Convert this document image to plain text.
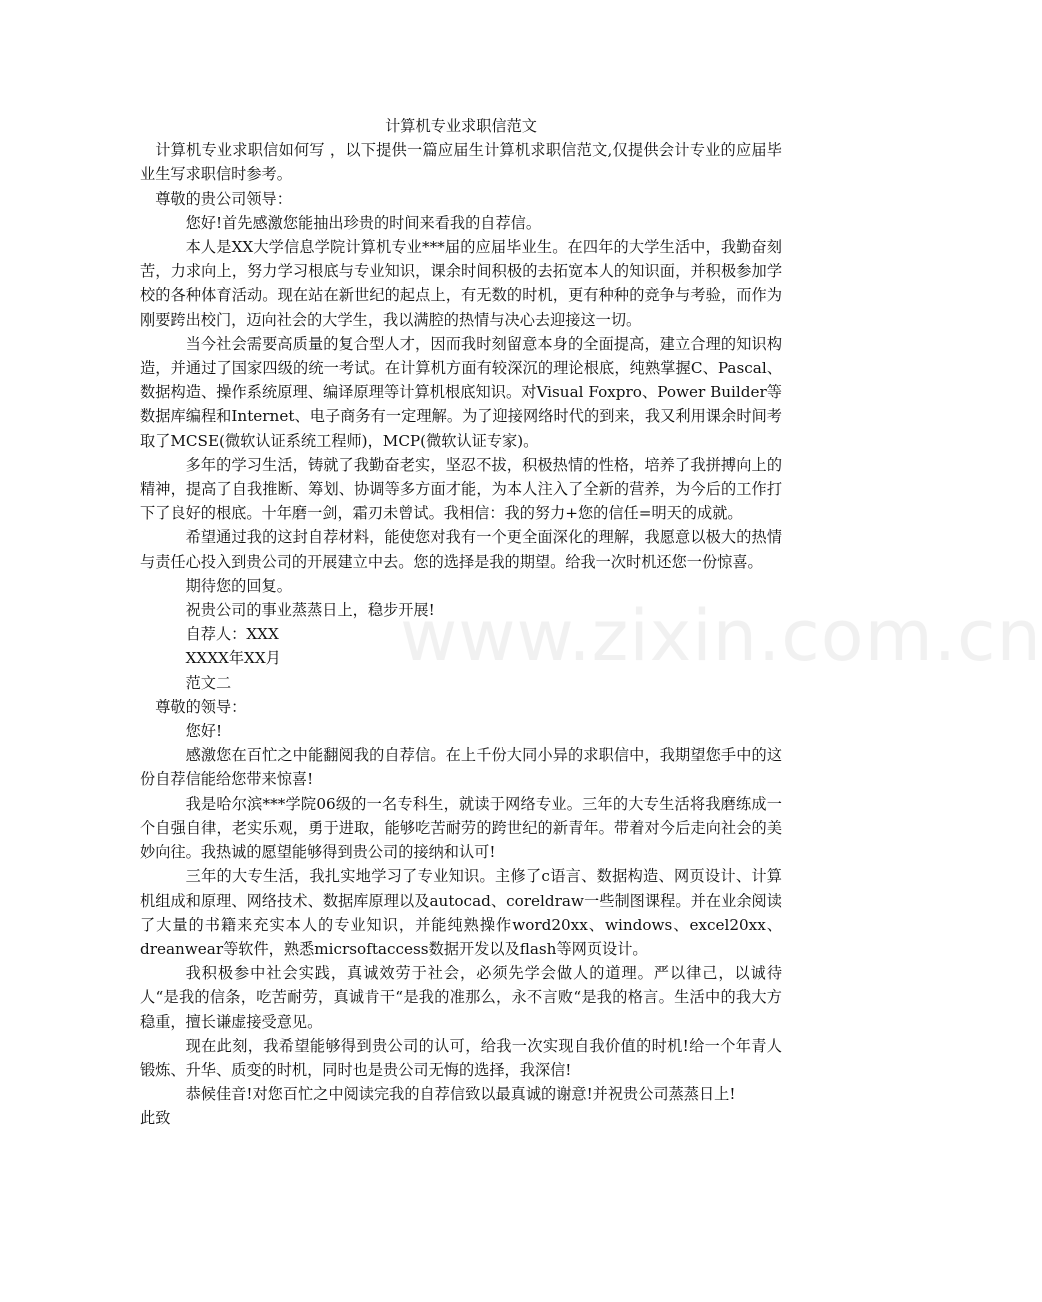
计算机专业求职信范文

计算机专业求职信如何写 ，以下提供一篇应届生计算机求职信范文,仅提供会计专业的应届毕业生写求职信时参考。

尊敬的贵公司领导：

您好!首先感激您能抽出珍贵的时间来看我的自荐信。

本人是XX大学信息学院计算机专业***届的应届毕业生。在四年的大学生活中，我勤奋刻苦，力求向上，努力学习根底与专业知识，课余时间积极的去拓宽本人的知识面，并积极参加学校的各种体育活动。现在站在新世纪的起点上，有无数的时机，更有种种的竞争与考验，而作为刚要跨出校门，迈向社会的大学生，我以满腔的热情与决心去迎接这一切。

当今社会需要高质量的复合型人才，因而我时刻留意本身的全面提高，建立合理的知识构造，并通过了国家四级的统一考试。在计算机方面有较深沉的理论根底，纯熟掌握C、Pascal、数据构造、操作系统原理、编译原理等计算机根底知识。对Visual Foxpro、Power Builder等数据库编程和Internet、电子商务有一定理解。为了迎接网络时代的到来，我又利用课余时间考取了MCSE(微软认证系统工程师)，MCP(微软认证专家)。

多年的学习生活，铸就了我勤奋老实，坚忍不拔，积极热情的性格，培养了我拼搏向上的精神，提高了自我推断、筹划、协调等多方面才能，为本人注入了全新的营养，为今后的工作打下了良好的根底。十年磨一剑，霜刃未曾试。我相信：我的努力+您的信任=明天的成就。

希望通过我的这封自荐材料，能使您对我有一个更全面深化的理解，我愿意以极大的热情与责任心投入到贵公司的开展建立中去。您的选择是我的期望。给我一次时机还您一份惊喜。

期待您的回复。

祝贵公司的事业蒸蒸日上，稳步开展!

自荐人：XXX

XXXX年XX月

范文二

尊敬的领导：

您好!

感激您在百忙之中能翻阅我的自荐信。在上千份大同小异的求职信中，我期望您手中的这份自荐信能给您带来惊喜!

我是哈尔滨***学院06级的一名专科生，就读于网络专业。三年的大专生活将我磨练成一个自强自律，老实乐观，勇于进取，能够吃苦耐劳的跨世纪的新青年。带着对今后走向社会的美妙向往。我热诚的愿望能够得到贵公司的接纳和认可!

三年的大专生活，我扎实地学习了专业知识。主修了c语言、数据构造、网页设计、计算机组成和原理、网络技术、数据库原理以及autocad、coreldraw一些制图课程。并在业余阅读了大量的书籍来充实本人的专业知识，并能纯熟操作word20xx、windows、excel20xx、dreanwear等软件，熟悉micrsoftaccess数据开发以及flash等网页设计。

我积极参中社会实践，真诚效劳于社会，必须先学会做人的道理。严以律己，以诚待人“是我的信条，吃苦耐劳，真诚肯干“是我的准那么，永不言败“是我的格言。生活中的我大方稳重，擅长谦虚接受意见。

现在此刻，我希望能够得到贵公司的认可，给我一次实现自我价值的时机!给一个年青人锻炼、升华、质变的时机，同时也是贵公司无悔的选择，我深信!

恭候佳音!对您百忙之中阅读完我的自荐信致以最真诚的谢意!并祝贵公司蒸蒸日上!

此致

www.zixin.com.cn
